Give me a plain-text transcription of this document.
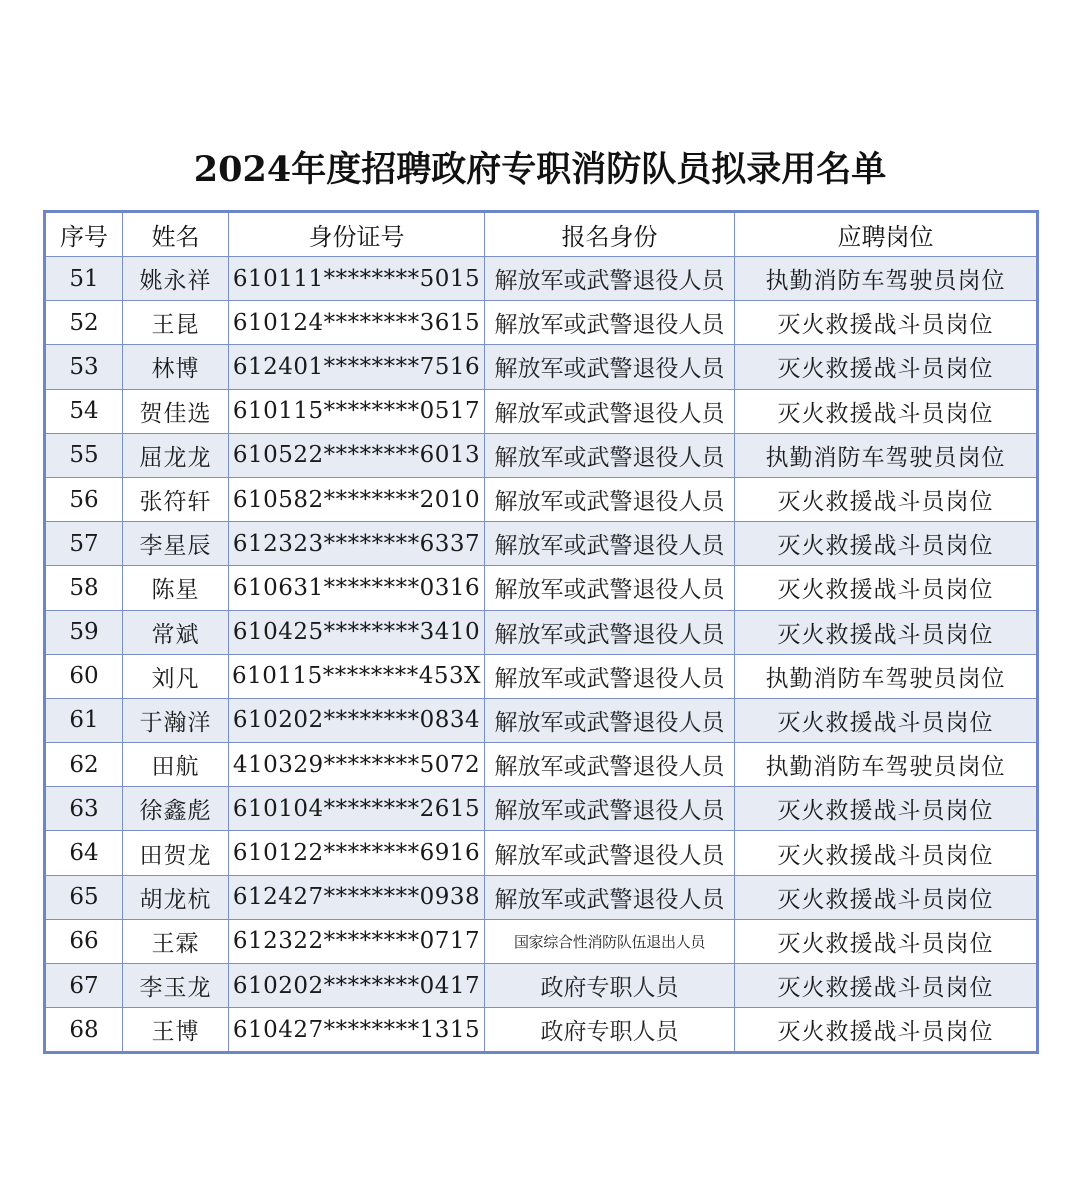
2024年度招聘政府专职消防队员拟录用名单
序号	姓名	身份证号	报名身份	应聘岗位
51	姚永祥	610111********5015	解放军或武警退役人员	执勤消防车驾驶员岗位
52	王昆	610124********3615	解放军或武警退役人员	灭火救援战斗员岗位
53	林博	612401********7516	解放军或武警退役人员	灭火救援战斗员岗位
54	贺佳选	610115********0517	解放军或武警退役人员	灭火救援战斗员岗位
55	屈龙龙	610522********6013	解放军或武警退役人员	执勤消防车驾驶员岗位
56	张符轩	610582********2010	解放军或武警退役人员	灭火救援战斗员岗位
57	李星辰	612323********6337	解放军或武警退役人员	灭火救援战斗员岗位
58	陈星	610631********0316	解放军或武警退役人员	灭火救援战斗员岗位
59	常斌	610425********3410	解放军或武警退役人员	灭火救援战斗员岗位
60	刘凡	610115********453X	解放军或武警退役人员	执勤消防车驾驶员岗位
61	于瀚洋	610202********0834	解放军或武警退役人员	灭火救援战斗员岗位
62	田航	410329********5072	解放军或武警退役人员	执勤消防车驾驶员岗位
63	徐鑫彪	610104********2615	解放军或武警退役人员	灭火救援战斗员岗位
64	田贺龙	610122********6916	解放军或武警退役人员	灭火救援战斗员岗位
65	胡龙杭	612427********0938	解放军或武警退役人员	灭火救援战斗员岗位
66	王霖	612322********0717	国家综合性消防队伍退出人员	灭火救援战斗员岗位
67	李玉龙	610202********0417	政府专职人员	灭火救援战斗员岗位
68	王博	610427********1315	政府专职人员	灭火救援战斗员岗位
